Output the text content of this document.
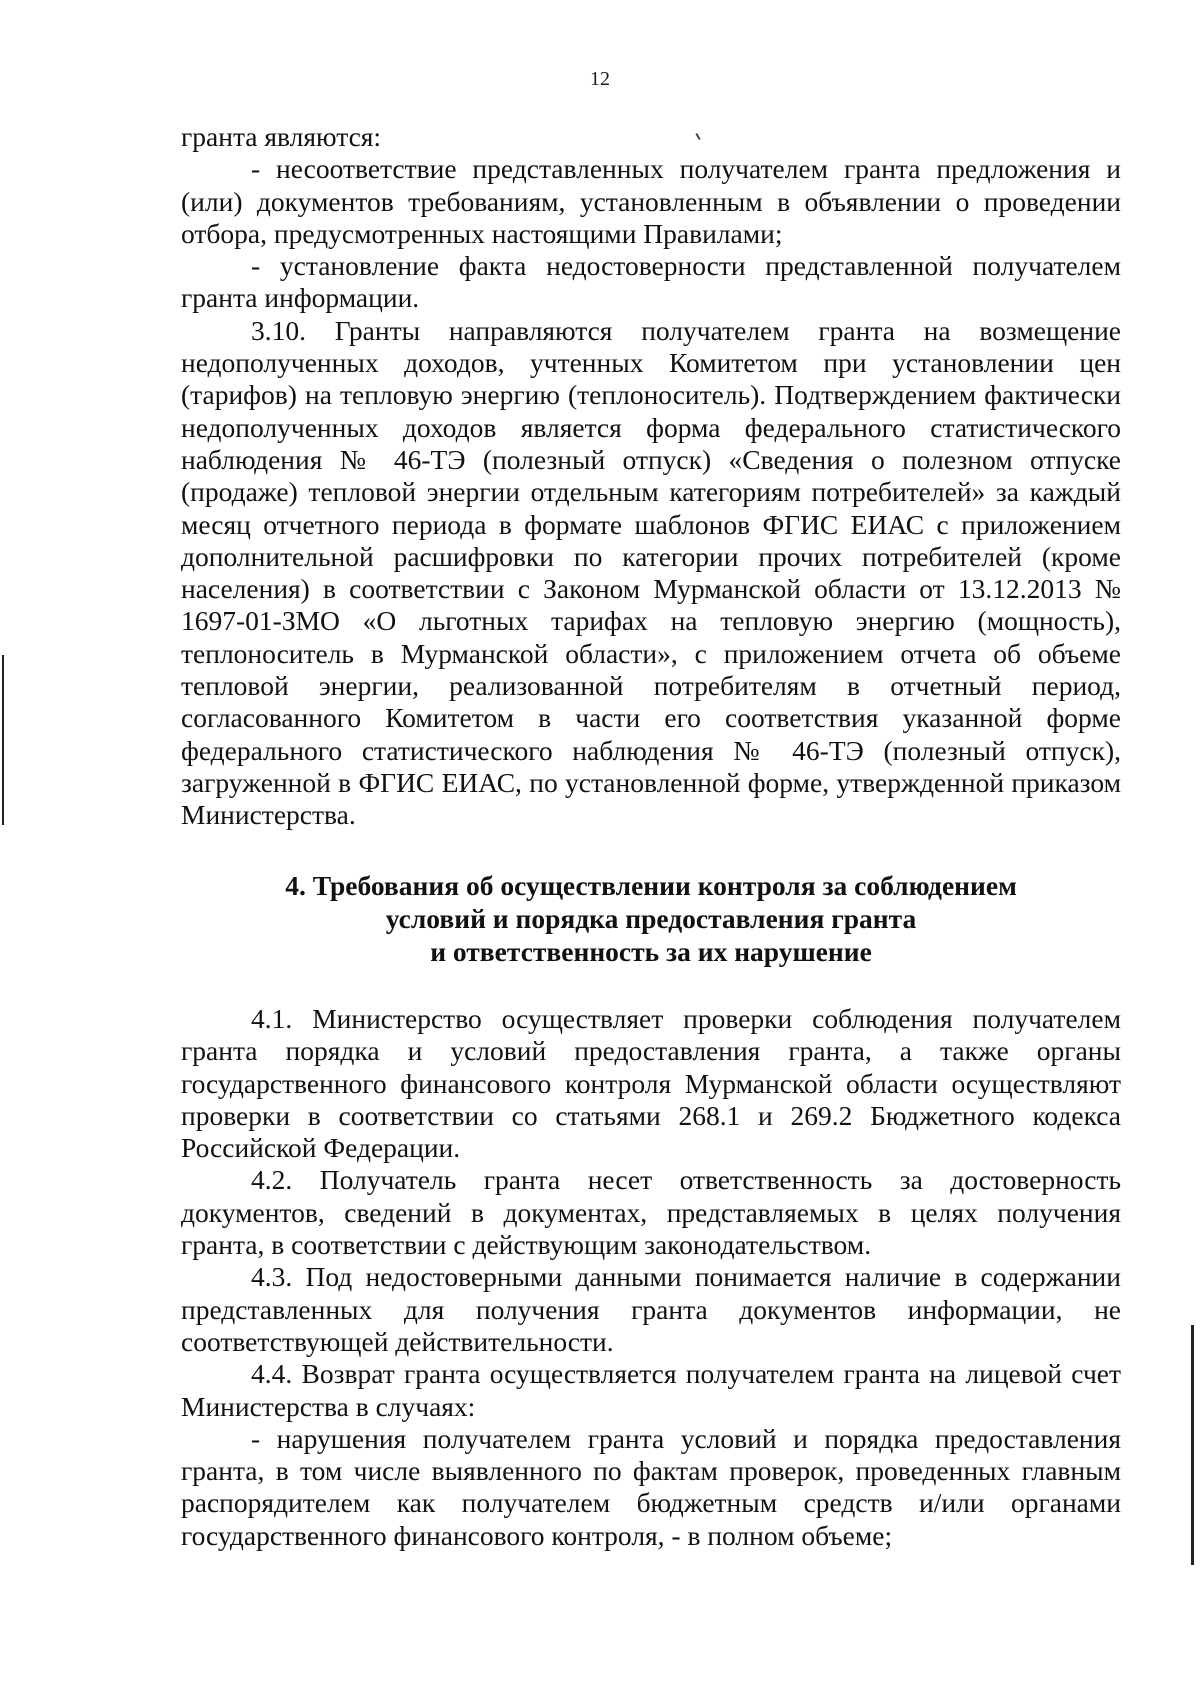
12

гранта являются:

- несоответствие представленных получателем гранта предложения и (или) документов требованиям, установленным в объявлении о проведении отбора, предусмотренных настоящими Правилами;

- установление факта недостоверности представленной получателем гранта информации.

3.10. Гранты направляются получателем гранта на возмещение недополученных доходов, учтенных Комитетом при установлении цен (тарифов) на тепловую энергию (теплоноситель). Подтверждением фактически недополученных доходов является форма федерального статистического наблюдения № 46-ТЭ (полезный отпуск) «Сведения о полезном отпуске (продаже) тепловой энергии отдельным категориям потребителей» за каждый месяц отчетного периода в формате шаблонов ФГИС ЕИАС с приложением дополнительной расшифровки по категории прочих потребителей (кроме населения) в соответствии с Законом Мурманской области от 13.12.2013 № 1697-01-ЗМО «О льготных тарифах на тепловую энергию (мощность), теплоноситель в Мурманской области», с приложением отчета об объеме тепловой энергии, реализованной потребителям в отчетный период, согласованного Комитетом в части его соответствия указанной форме федерального статистического наблюдения № 46-ТЭ (полезный отпуск), загруженной в ФГИС ЕИАС, по установленной форме, утвержденной приказом Министерства.

4. Требования об осуществлении контроля за соблюдением
условий и порядка предоставления гранта
и ответственность за их нарушение

4.1. Министерство осуществляет проверки соблюдения получателем гранта порядка и условий предоставления гранта, а также органы государственного финансового контроля Мурманской области осуществляют проверки в соответствии со статьями 268.1 и 269.2 Бюджетного кодекса Российской Федерации.

4.2. Получатель гранта несет ответственность за достоверность документов, сведений в документах, представляемых в целях получения гранта, в соответствии с действующим законодательством.

4.3. Под недостоверными данными понимается наличие в содержании представленных для получения гранта документов информации, не соответствующей действительности.

4.4. Возврат гранта осуществляется получателем гранта на лицевой счет Министерства в случаях:

- нарушения получателем гранта условий и порядка предоставления гранта, в том числе выявленного по фактам проверок, проведенных главным распорядителем как получателем бюджетным средств и/или органами государственного финансового контроля, - в полном объеме;
